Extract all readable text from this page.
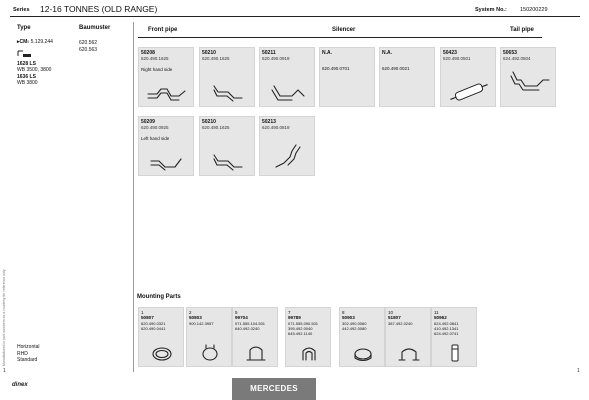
Series 12-16 TONNES (OLD RANGE)	System No.: 150200229
Manufactured in part numbers as a courtesy for reference only
Type	Baumuster
▸CM0 5.129.244	620.562
620.563
1628 LS
WB 3500, 3800
1636 LS
WB 3800
Horizontal
RHD
Standard
Front pipe	Silencer	Tail pipe
50208
620.490.1625
Right hand side
50210
620.490.1625
50211
620.490.0919
N.A.
620.490.0701
N.A.
620.490.0021
50423
620.490.0501
50653
624.492.0504
50209
620.490.0925
Left hand side
50210
620.490.1625
50213
620.490.0819
Mounting Parts
1
50807
620.490.0321
620.490.0441
2
50803
900.142.3957
5
99704
071.555.104.501
640.492.0240
7
99789
071.555.090.501
395.492.0040
645.492.1140
8
50903
302.490.0060
442.492.0080
10
51807
387.492.0240
11
50962
624.492.0841
410.492.1341
624.492.0741
dinex	MERCEDES
1	1
